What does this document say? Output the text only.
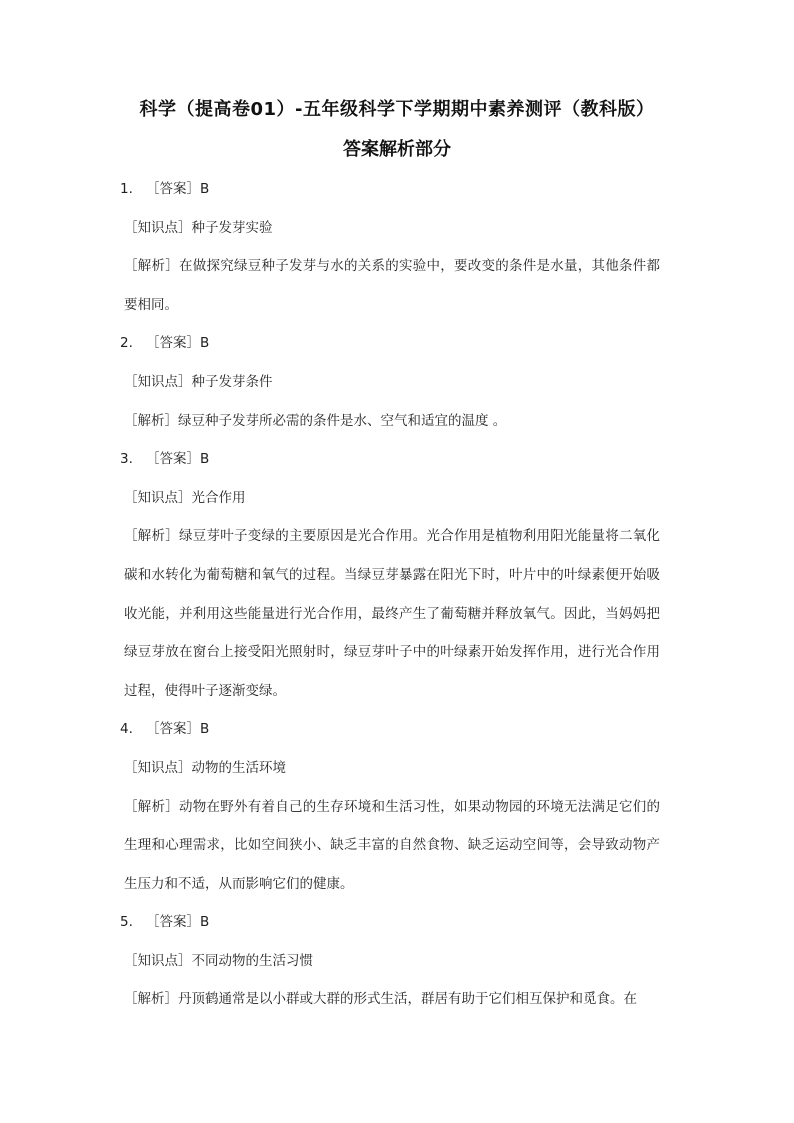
科学（提高卷01）-五年级科学下学期期中素养测评（教科版）

答案解析部分

1. ［答案］B

［知识点］种子发芽实验

［解析］在做探究绿豆种子发芽与水的关系的实验中，要改变的条件是水量，其他条件都要相同。

2. ［答案］B

［知识点］种子发芽条件

［解析］绿豆种子发芽所必需的条件是水、空气和适宜的温度 。

3. ［答案］B

［知识点］光合作用

［解析］绿豆芽叶子变绿的主要原因是光合作用。光合作用是植物利用阳光能量将二氧化碳和水转化为葡萄糖和氧气的过程。当绿豆芽暴露在阳光下时，叶片中的叶绿素便开始吸收光能，并利用这些能量进行光合作用，最终产生了葡萄糖并释放氧气。因此，当妈妈把绿豆芽放在窗台上接受阳光照射时，绿豆芽叶子中的叶绿素开始发挥作用，进行光合作用过程，使得叶子逐渐变绿。

4. ［答案］B

［知识点］动物的生活环境

［解析］动物在野外有着自己的生存环境和生活习性，如果动物园的环境无法满足它们的生理和心理需求，比如空间狭小、缺乏丰富的自然食物、缺乏运动空间等，会导致动物产生压力和不适，从而影响它们的健康。

5. ［答案］B

［知识点］不同动物的生活习惯

［解析］丹顶鹤通常是以小群或大群的形式生活，群居有助于它们相互保护和觅食。在
